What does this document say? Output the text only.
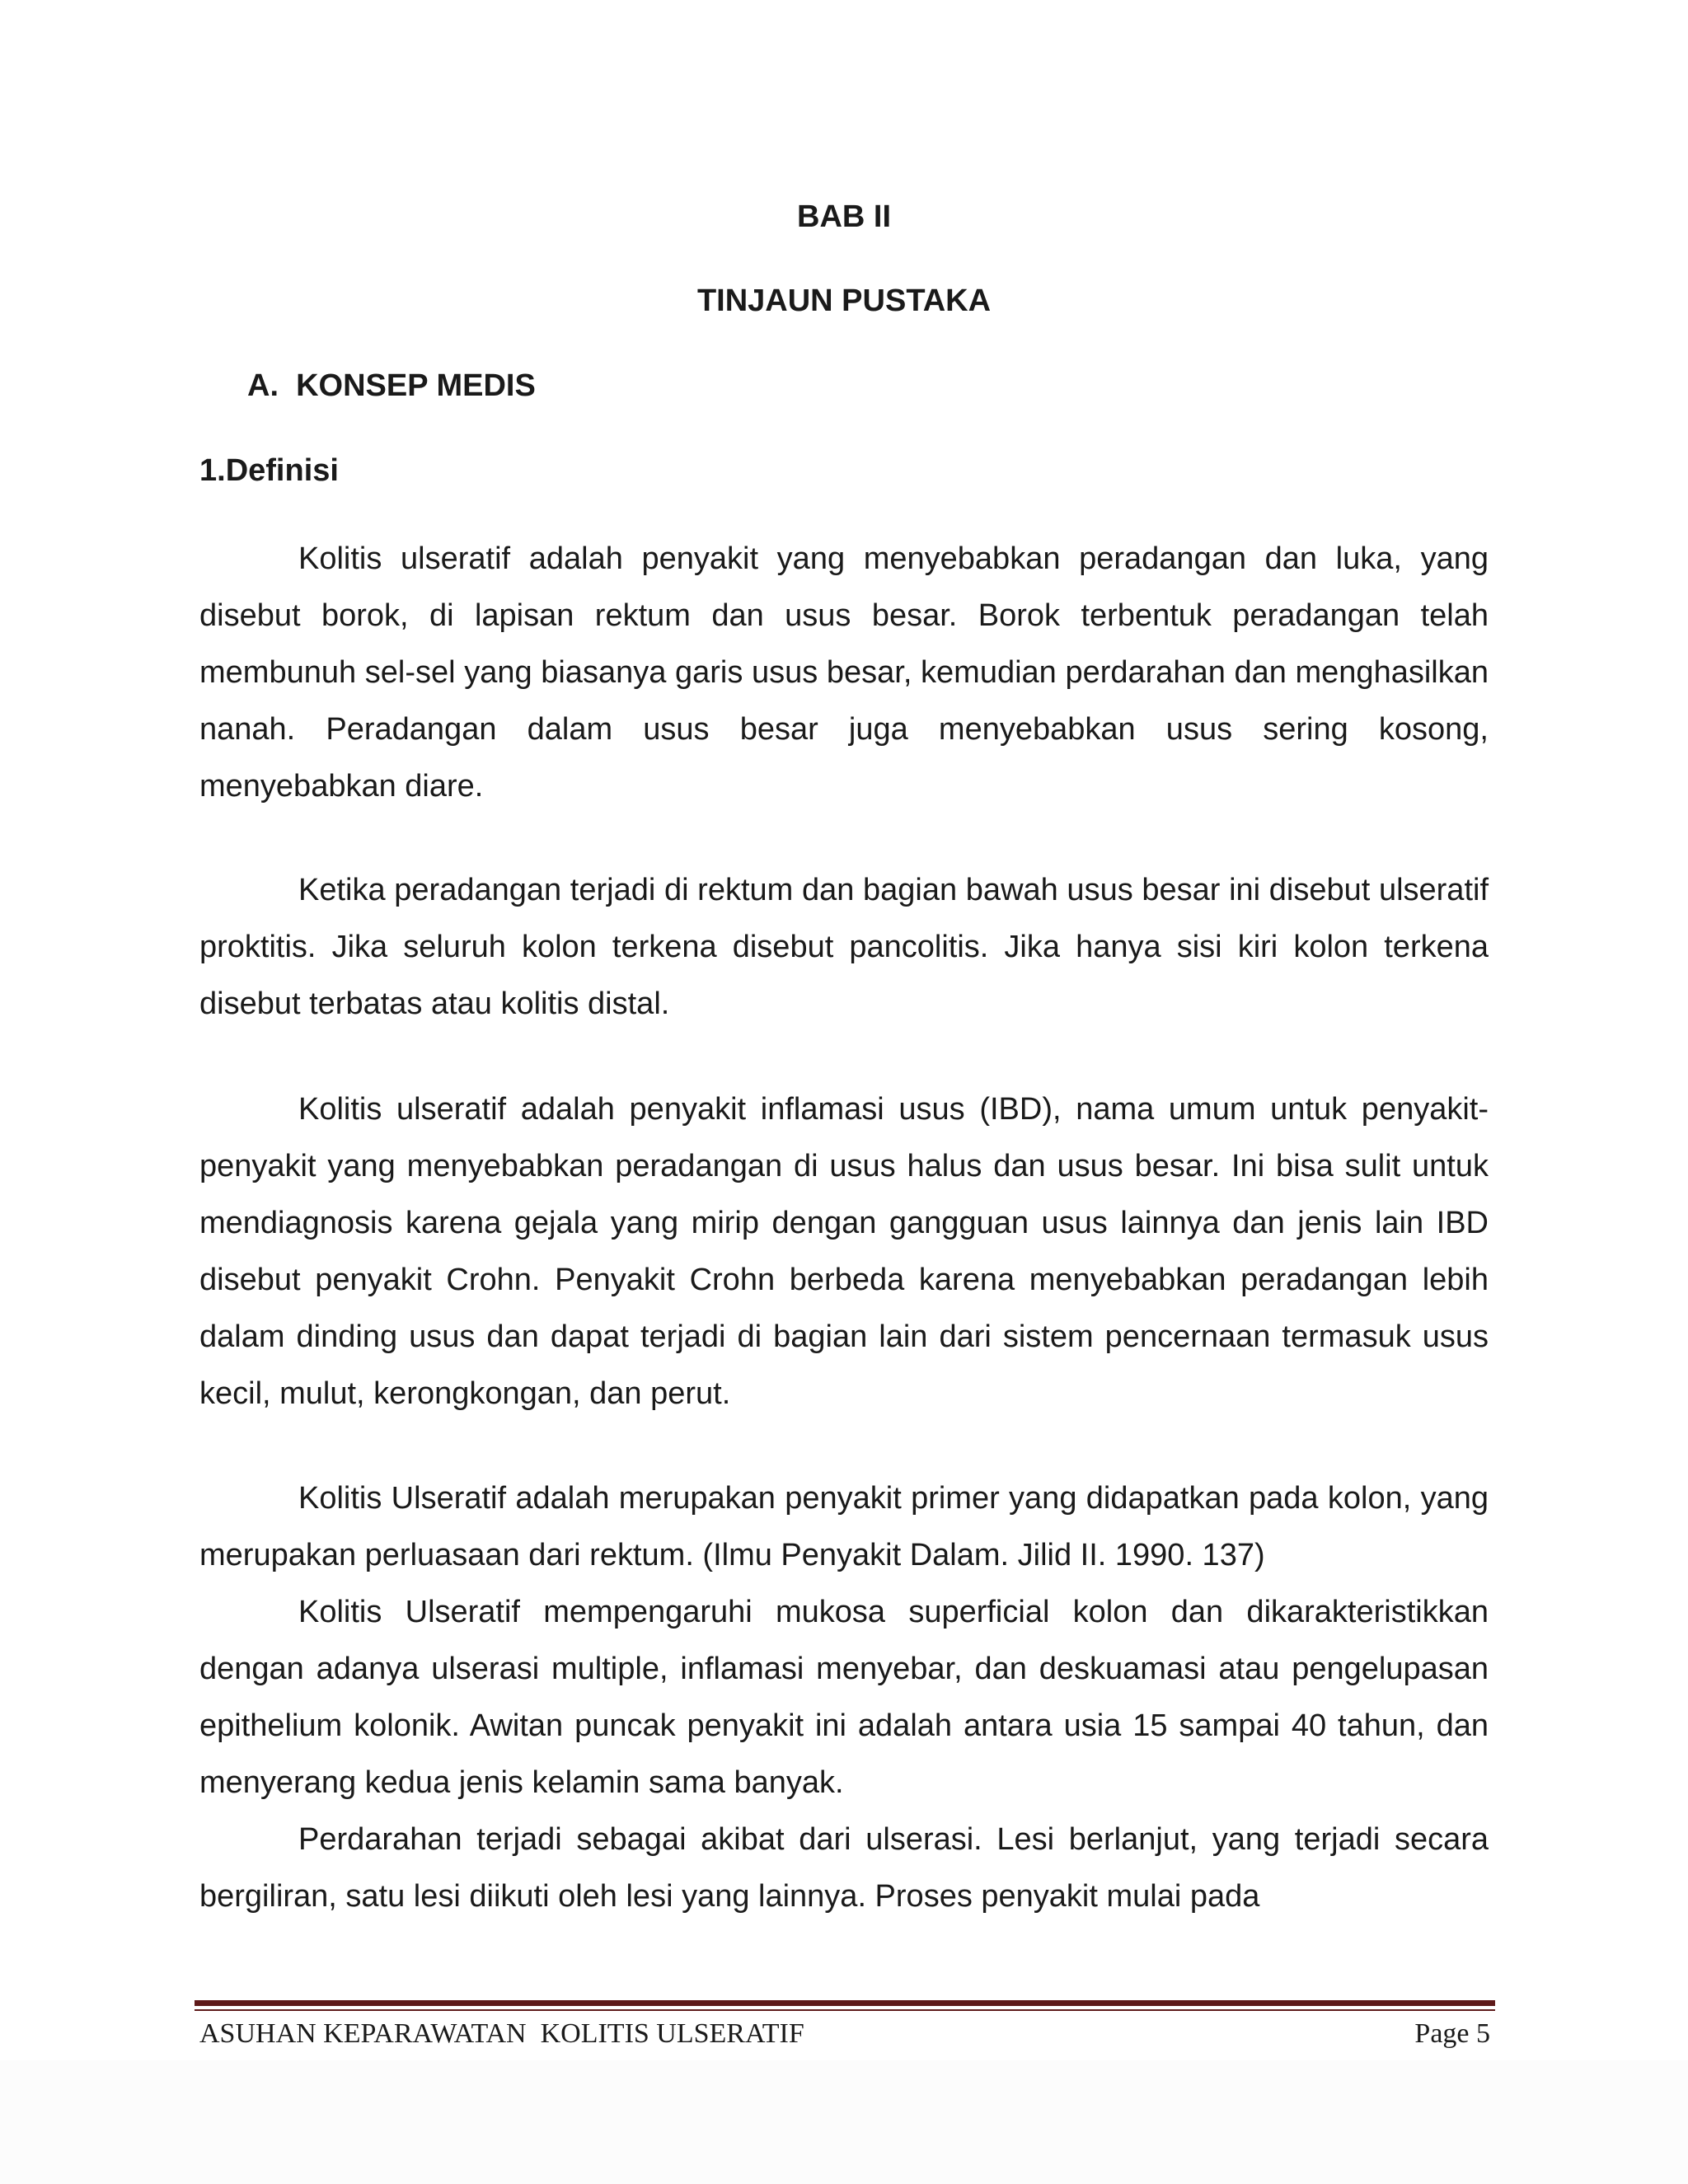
BAB II
TINJAUN PUSTAKA
A.  KONSEP MEDIS
1.Definisi

Kolitis ulseratif adalah penyakit yang menyebabkan peradangan dan luka, yang disebut borok, di lapisan rektum dan usus besar. Borok terbentuk peradangan telah membunuh sel-sel yang biasanya garis usus besar, kemudian perdarahan dan menghasilkan nanah. Peradangan dalam usus besar juga menyebabkan usus sering kosong, menyebabkan diare.

Ketika peradangan terjadi di rektum dan bagian bawah usus besar ini disebut ulseratif proktitis. Jika seluruh kolon terkena disebut pancolitis. Jika hanya sisi kiri kolon terkena disebut terbatas atau kolitis distal.

Kolitis ulseratif adalah penyakit inflamasi usus (IBD), nama umum untuk penyakit-penyakit yang menyebabkan peradangan di usus halus dan usus besar. Ini bisa sulit untuk mendiagnosis karena gejala yang mirip dengan gangguan usus lainnya dan jenis lain IBD disebut penyakit Crohn. Penyakit Crohn berbeda karena menyebabkan peradangan lebih dalam dinding usus dan dapat terjadi di bagian lain dari sistem pencernaan termasuk usus kecil, mulut, kerongkongan, dan perut.

Kolitis Ulseratif adalah merupakan penyakit primer yang didapatkan pada kolon, yang merupakan perluasaan dari rektum. (Ilmu Penyakit Dalam. Jilid II. 1990. 137)

Kolitis Ulseratif mempengaruhi mukosa superficial kolon dan dikarakteristikkan dengan adanya ulserasi multiple, inflamasi menyebar, dan deskuamasi atau pengelupasan epithelium kolonik. Awitan puncak penyakit ini adalah antara usia 15 sampai 40 tahun, dan menyerang kedua jenis kelamin sama banyak.

Perdarahan terjadi sebagai akibat dari ulserasi. Lesi berlanjut, yang terjadi secara bergiliran, satu lesi diikuti oleh lesi yang lainnya. Proses penyakit mulai pada

ASUHAN KEPARAWATAN  KOLITIS ULSERATIF	Page 5
